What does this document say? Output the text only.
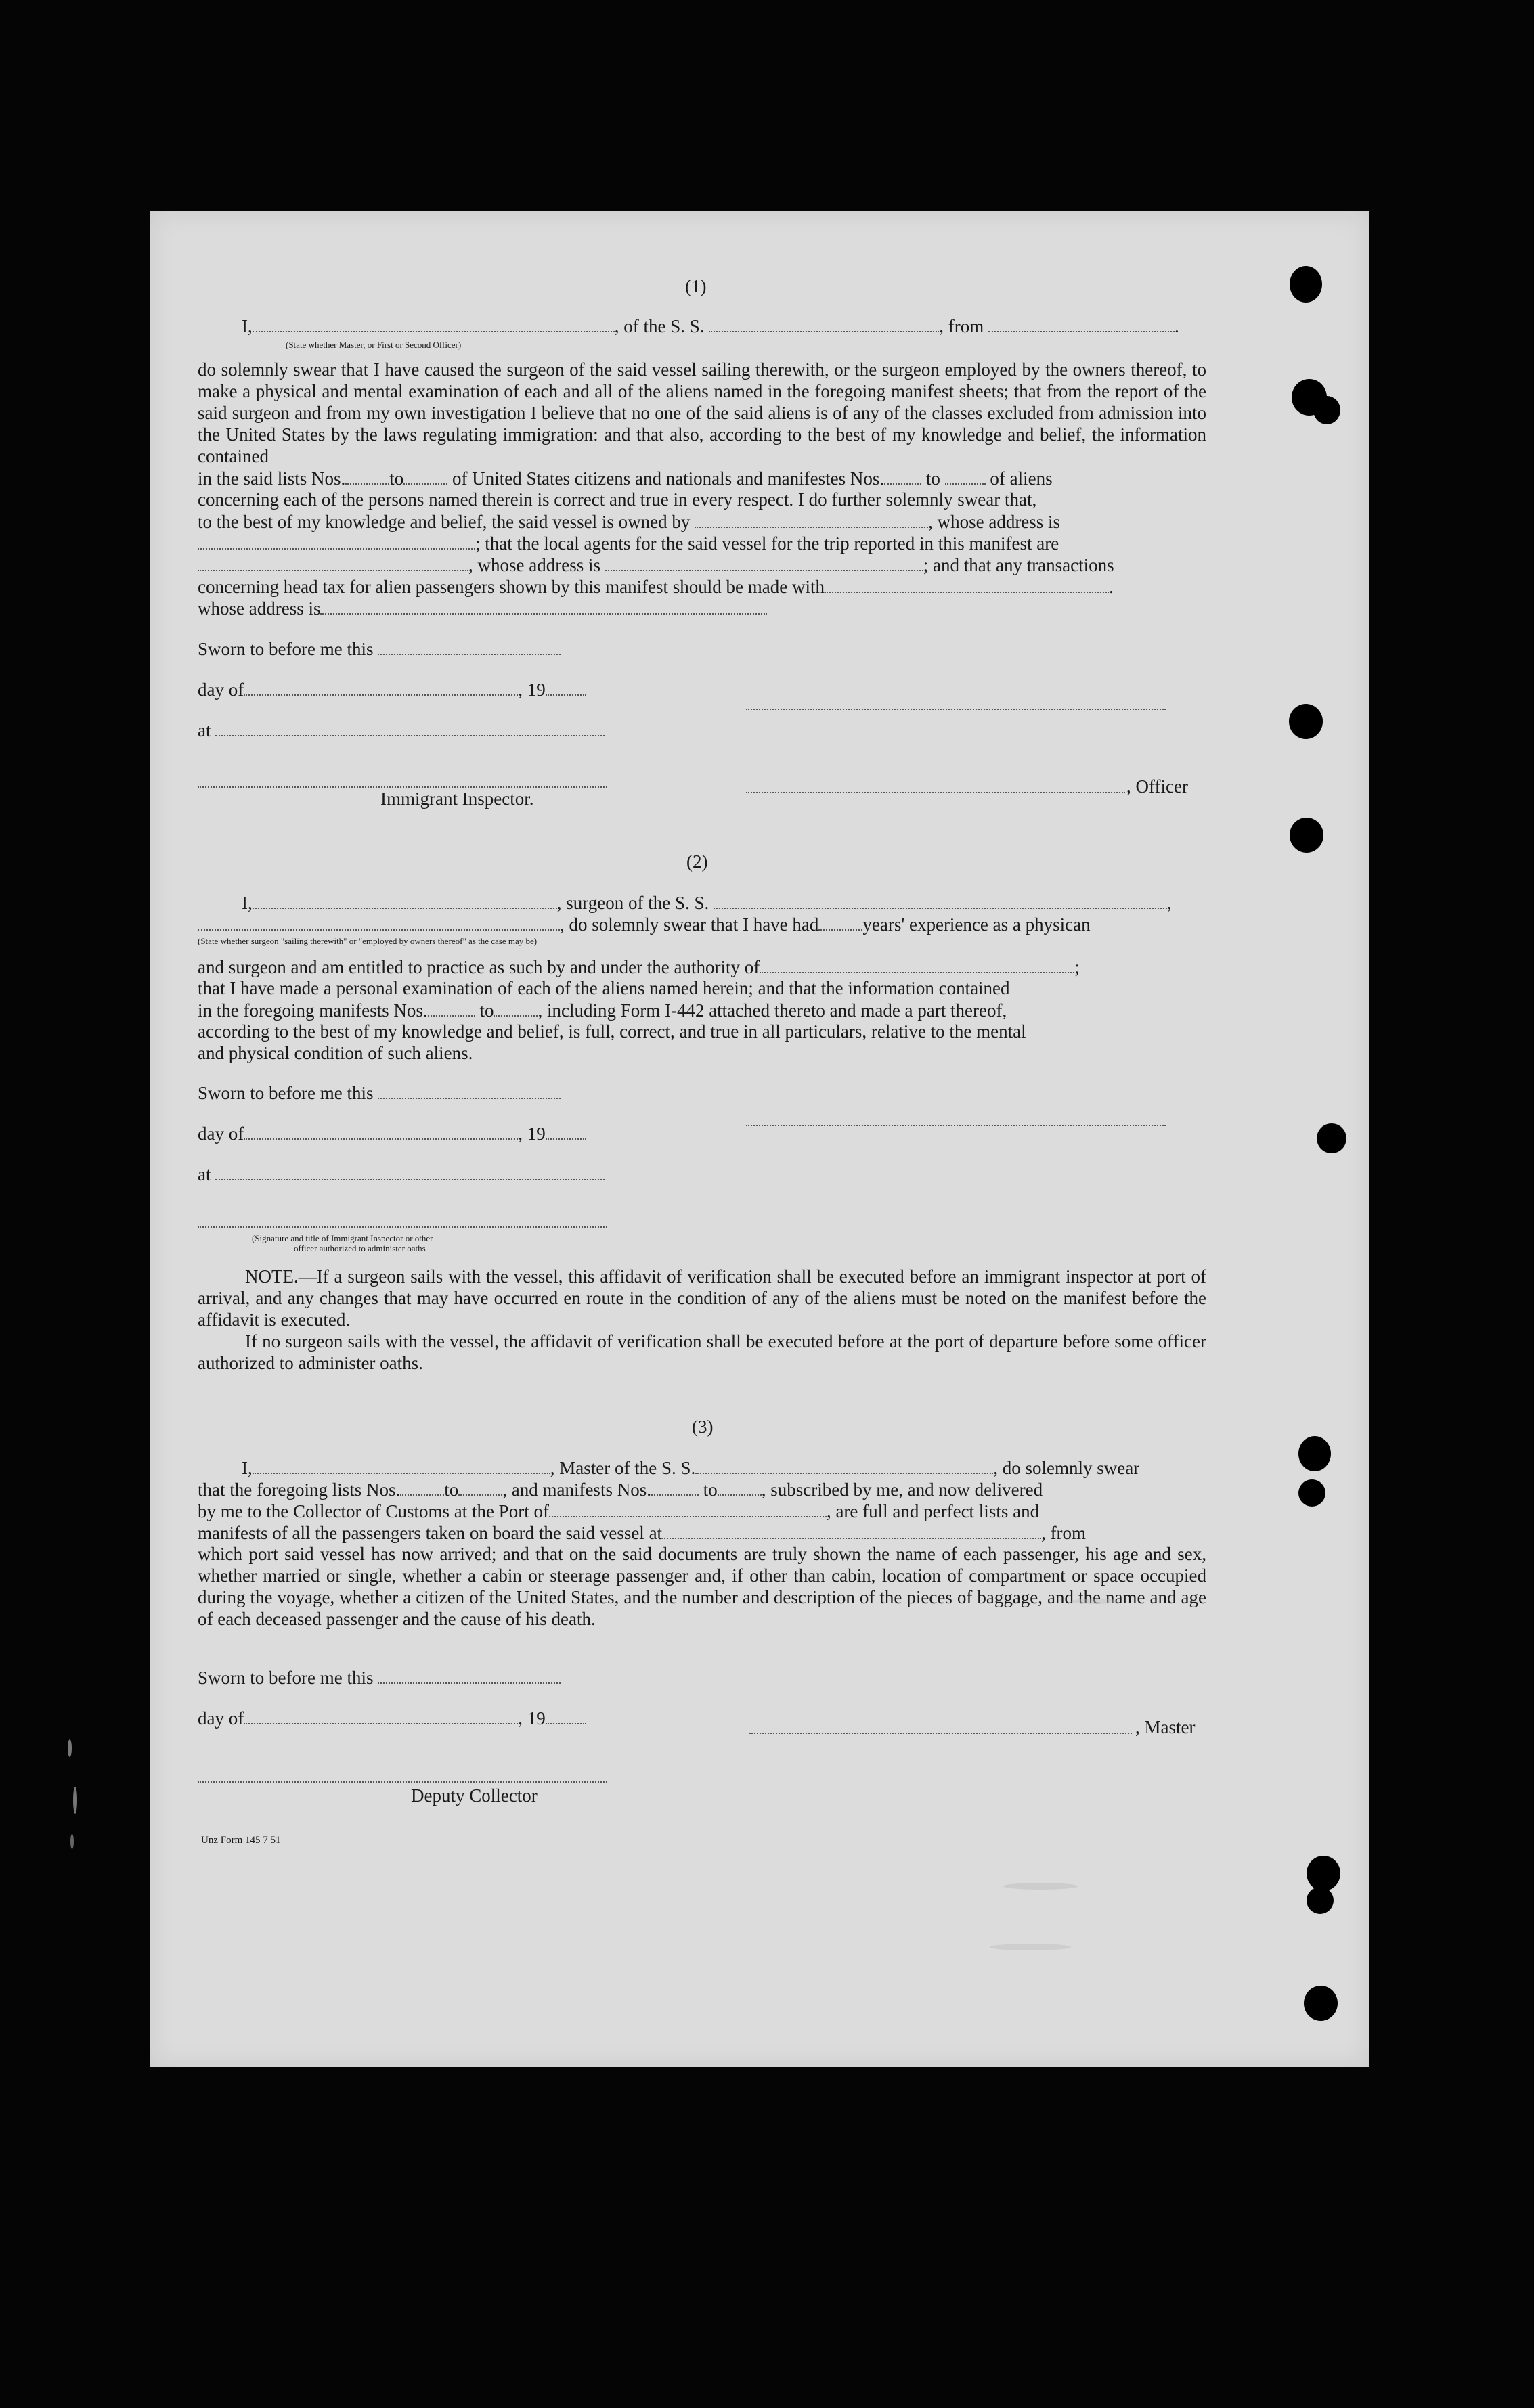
(1)
I,	, of the S. S.	, from	.
(State whether Master, or First or Second Officer)
do solemnly swear that I have caused the surgeon of the said vessel sailing therewith, or the surgeon employed by the owners thereof, to make a physical and mental examination of each and all of the aliens named in the foregoing manifest sheets; that from the report of the said surgeon and from my own investigation I believe that no one of the said aliens is of any of the classes excluded from admission into the United States by the laws regulating immigration: and that also, according to the best of my knowledge and belief, the information contained
in the said lists Nos. to	of United States citizens and nationals and manifestes Nos. to	of aliens
concerning each of the persons named therein is correct and true in every respect. I do further solemnly swear that,
to the best of my knowledge and belief, the said vessel is owned by	, whose address is
; that the local agents for the said vessel for the trip reported in this manifest are
, whose address is	; and that any transactions
concerning head tax for alien passengers shown by this manifest should be made with	.
whose address is
Sworn to before me this
day of	, 19
at
, Officer
Immigrant Inspector.
(2)
I,	, surgeon of the S. S.	,
, do solemnly swear that I have had years' experience as a physican
(State whether surgeon "sailing therewith" or "employed by owners thereof" as the case may be)
and surgeon and am entitled to practice as such by and under the authority of	;
that I have made a personal examination of each of the aliens named herein; and that the information contained
in the foregoing manifests Nos.	to , including Form I-442 attached thereto and made a part thereof,
according to the best of my knowledge and belief, is full, correct, and true in all particulars, relative to the mental
and physical condition of such aliens.
Sworn to before me this
day of	, 19
at
(Signature and title of Immigrant Inspector or other
officer authorized to administer oaths
NOTE.—If a surgeon sails with the vessel, this affidavit of verification shall be executed before an immigrant inspector at port of arrival, and any changes that may have occurred en route in the condition of any of the aliens must be noted on the manifest before the affidavit is executed.
If no surgeon sails with the vessel, the affidavit of verification shall be executed before at the port of departure before some officer authorized to administer oaths.
(3)
I,	, Master of the S. S.	, do solemnly swear
that the foregoing lists Nos. to , and manifests Nos.	to , subscribed by me, and now delivered
by me to the Collector of Customs at the Port of	, are full and perfect lists and
manifests of all the passengers taken on board the said vessel at	, from
which port said vessel has now arrived; and that on the said documents are truly shown the name of each passenger, his age and sex, whether married or single, whether a cabin or steerage passenger and, if other than cabin, location of compartment or space occupied during the voyage, whether a citizen of the United States, and the number and description of the pieces of baggage, and the name and age of each deceased passenger and the cause of his death.
Sworn to before me this
day of	, 19	, Master
Deputy Collector
Unz Form 145 7 51
